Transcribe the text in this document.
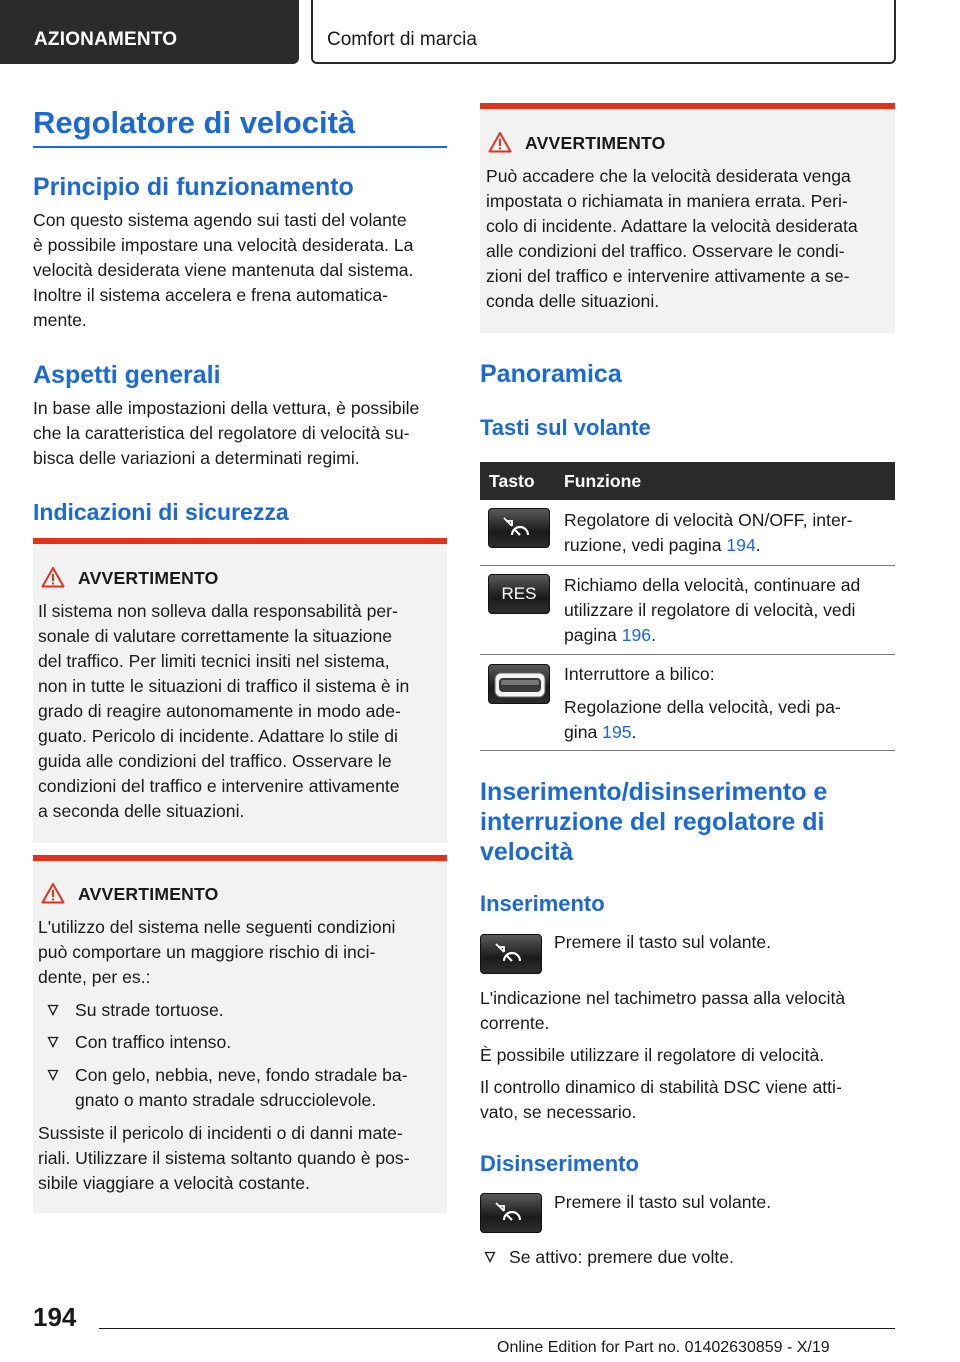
AZIONAMENTO	Comfort di marcia
Regolatore di velocità
Principio di funzionamento
Con questo sistema agendo sui tasti del volante
è possibile impostare una velocità desiderata. La
velocità desiderata viene mantenuta dal sistema.
Inoltre il sistema accelera e frena automatica‐
mente.
Aspetti generali
In base alle impostazioni della vettura, è possibile
che la caratteristica del regolatore di velocità su‐
bisca delle variazioni a determinati regimi.
Indicazioni di sicurezza
AVVERTIMENTO
Il sistema non solleva dalla responsabilità per‐
sonale di valutare correttamente la situazione
del traffico. Per limiti tecnici insiti nel sistema,
non in tutte le situazioni di traffico il sistema è in
grado di reagire autonomamente in modo ade‐
guato. Pericolo di incidente. Adattare lo stile di
guida alle condizioni del traffico. Osservare le
condizioni del traffico e intervenire attivamente
a seconda delle situazioni.
AVVERTIMENTO
L'utilizzo del sistema nelle seguenti condizioni
può comportare un maggiore rischio di inci‐
dente, per es.:
Su strade tortuose.
Con traffico intenso.
Con gelo, nebbia, neve, fondo stradale ba‐
gnato o manto stradale sdrucciolevole.
Sussiste il pericolo di incidenti o di danni mate‐
riali. Utilizzare il sistema soltanto quando è pos‐
sibile viaggiare a velocità costante.
AVVERTIMENTO
Può accadere che la velocità desiderata venga
impostata o richiamata in maniera errata. Peri‐
colo di incidente. Adattare la velocità desiderata
alle condizioni del traffico. Osservare le condi‐
zioni del traffico e intervenire attivamente a se‐
conda delle situazioni.
Panoramica
Tasti sul volante
Tasto Funzione
Regolatore di velocità ON/OFF, inter‐
ruzione, vedi pagina 194.
RES Richiamo della velocità, continuare ad
utilizzare il regolatore di velocità, vedi
pagina 196.
Interruttore a bilico:
Regolazione della velocità, vedi pa‐
gina 195.
Inserimento/disinserimento e
interruzione del regolatore di
velocità
Inserimento
Premere il tasto sul volante.
L'indicazione nel tachimetro passa alla velocità
corrente.
È possibile utilizzare il regolatore di velocità.
Il controllo dinamico di stabilità DSC viene atti‐
vato, se necessario.
Disinserimento
Premere il tasto sul volante.
Se attivo: premere due volte.
194
Online Edition for Part no. 01402630859 - X/19
